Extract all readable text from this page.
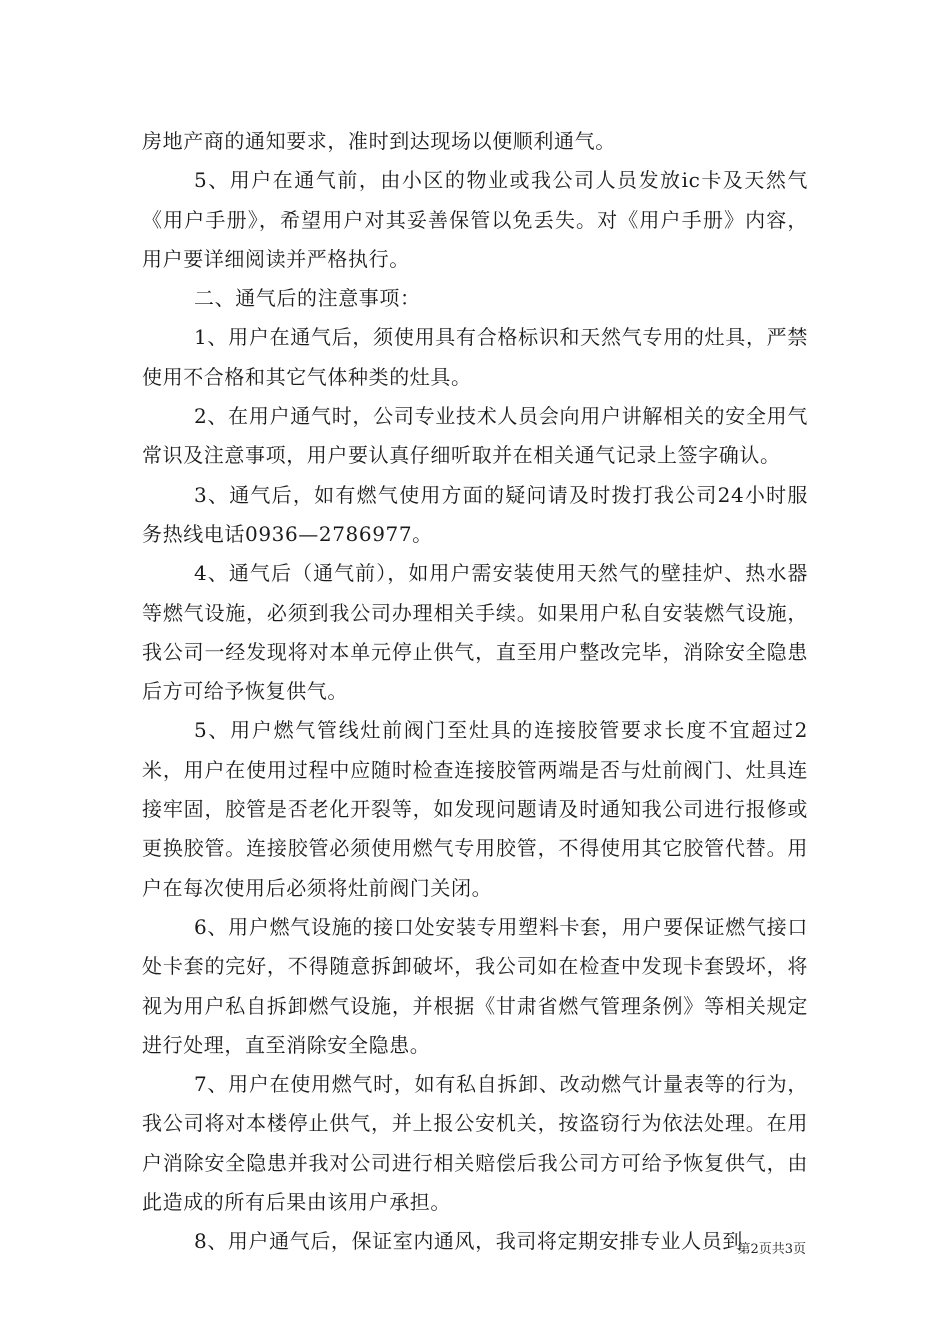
房地产商的通知要求，准时到达现场以便顺利通气。

5、用户在通气前，由小区的物业或我公司人员发放ic卡及天然气《用户手册》，希望用户对其妥善保管以免丢失。对《用户手册》内容，用户要详细阅读并严格执行。

二、通气后的注意事项：

1、用户在通气后，须使用具有合格标识和天然气专用的灶具，严禁使用不合格和其它气体种类的灶具。

2、在用户通气时，公司专业技术人员会向用户讲解相关的安全用气常识及注意事项，用户要认真仔细听取并在相关通气记录上签字确认。

3、通气后，如有燃气使用方面的疑问请及时拨打我公司24小时服务热线电话0936—2786977。

4、通气后（通气前），如用户需安装使用天然气的壁挂炉、热水器等燃气设施，必须到我公司办理相关手续。如果用户私自安装燃气设施，我公司一经发现将对本单元停止供气，直至用户整改完毕，消除安全隐患后方可给予恢复供气。

5、用户燃气管线灶前阀门至灶具的连接胶管要求长度不宜超过2米，用户在使用过程中应随时检查连接胶管两端是否与灶前阀门、灶具连接牢固，胶管是否老化开裂等，如发现问题请及时通知我公司进行报修或更换胶管。连接胶管必须使用燃气专用胶管，不得使用其它胶管代替。用户在每次使用后必须将灶前阀门关闭。

6、用户燃气设施的接口处安装专用塑料卡套，用户要保证燃气接口处卡套的完好，不得随意拆卸破坏，我公司如在检查中发现卡套毁坏，将视为用户私自拆卸燃气设施，并根据《甘肃省燃气管理条例》等相关规定进行处理，直至消除安全隐患。

7、用户在使用燃气时，如有私自拆卸、改动燃气计量表等的行为，我公司将对本楼停止供气，并上报公安机关，按盗窃行为依法处理。在用户消除安全隐患并我对公司进行相关赔偿后我公司方可给予恢复供气，由此造成的所有后果由该用户承担。

8、用户通气后，保证室内通风，我司将定期安排专业人员到

第2页共3页
